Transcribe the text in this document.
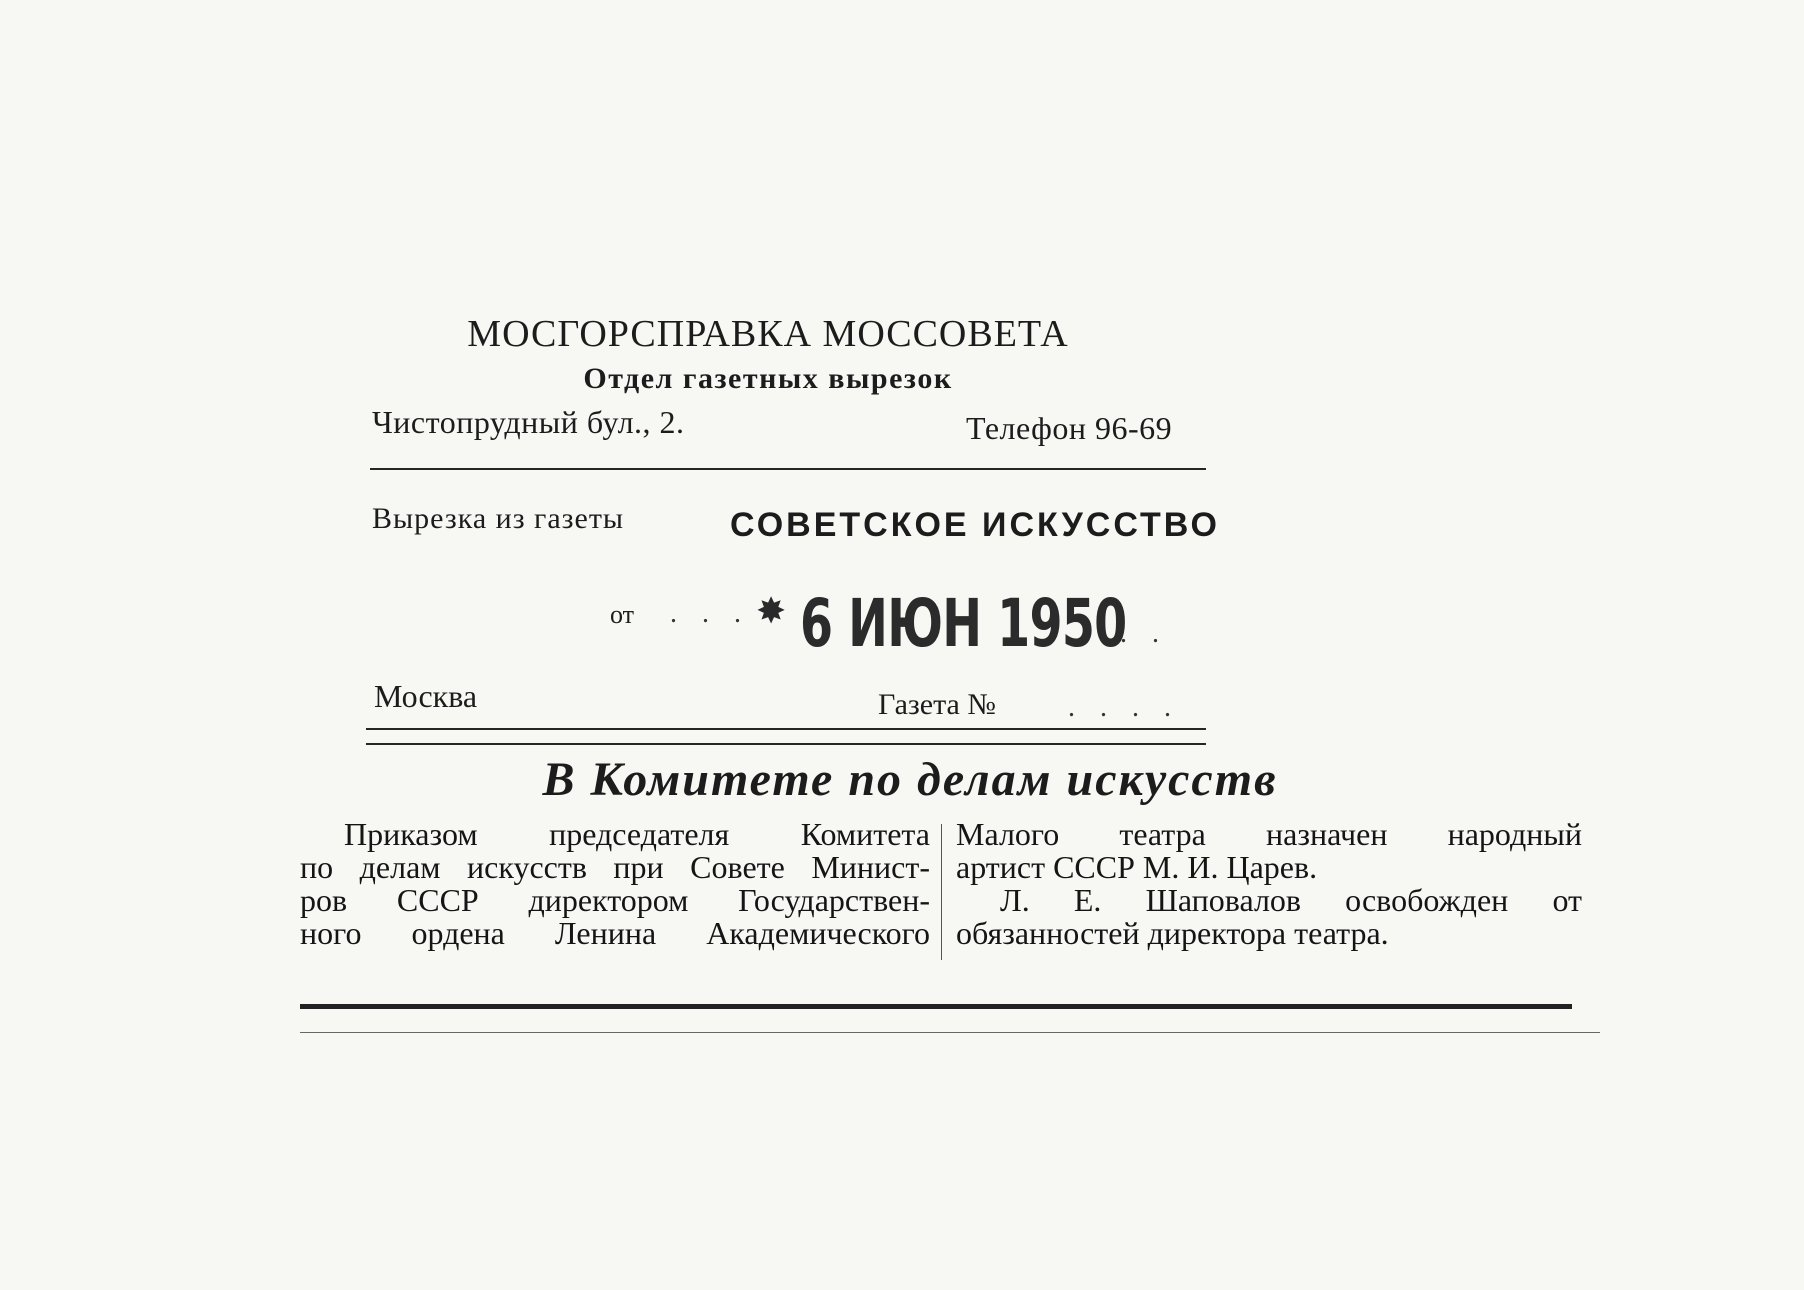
МОСГОРСПРАВКА МОССОВЕТА
Отдел газетных вырезок
Чистопрудный бул., 2.	Телефон 96-69
Вырезка из газеты	СОВЕТСКОЕ ИСКУССТВО
от . . . ✸ 6 ИЮН 1950
. .
Москва	Газета №	. . . .
В Комитете по делам искусств

Приказом председателя Комитета

по делам искусств при Совете Минист-

ров СССР директором Государствен-

ного ордена Ленина Академического

Малого театра назначен народный

артист СССР М. И. Царев.

Л. Е. Шаповалов освобожден от

обязанностей директора театра.
